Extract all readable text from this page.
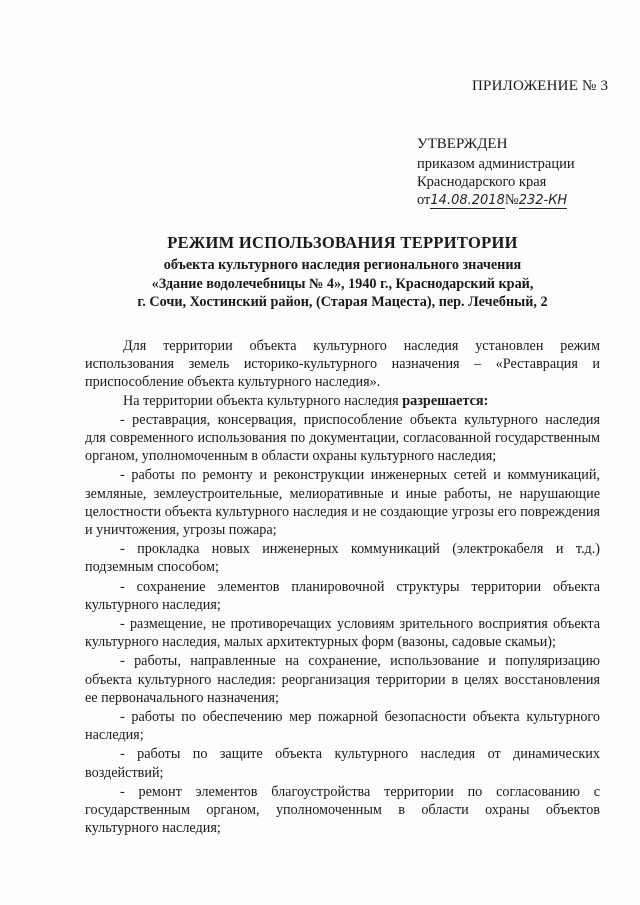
ПРИЛОЖЕНИЕ № 3
УТВЕРЖДЕН
приказом администрации
Краснодарского края
от14.08.2018№232-КН
РЕЖИМ ИСПОЛЬЗОВАНИЯ ТЕРРИТОРИИ
объекта культурного наследия регионального значения
«Здание водолечебницы № 4», 1940 г., Краснодарский край,
г. Сочи, Хостинский район, (Старая Мацеста), пер. Лечебный, 2

Для территории объекта культурного наследия установлен режим использования земель историко-культурного назначения – «Реставрация и приспособление объекта культурного наследия».

На территории объекта культурного наследия разрешается:

- реставрация, консервация, приспособление объекта культурного наследия для современного использования по документации, согласованной государственным органом, уполномоченным в области охраны культурного наследия;

- работы по ремонту и реконструкции инженерных сетей и коммуникаций, земляные, землеустроительные, мелиоративные и иные работы, не нарушающие целостности объекта культурного наследия и не создающие угрозы его повреждения и уничтожения, угрозы пожара;

- прокладка новых инженерных коммуникаций (электрокабеля и т.д.) подземным способом;

- сохранение элементов планировочной структуры территории объекта культурного наследия;

- размещение, не противоречащих условиям зрительного восприятия объекта культурного наследия, малых архитектурных форм (вазоны, садовые скамьи);

- работы, направленные на сохранение, использование и популяризацию объекта культурного наследия: реорганизация территории в целях восстановления ее первоначального назначения;

- работы по обеспечению мер пожарной безопасности объекта культурного наследия;

- работы по защите объекта культурного наследия от динамических воздействий;

- ремонт элементов благоустройства территории по согласованию с государственным органом, уполномоченным в области охраны объектов культурного наследия;
